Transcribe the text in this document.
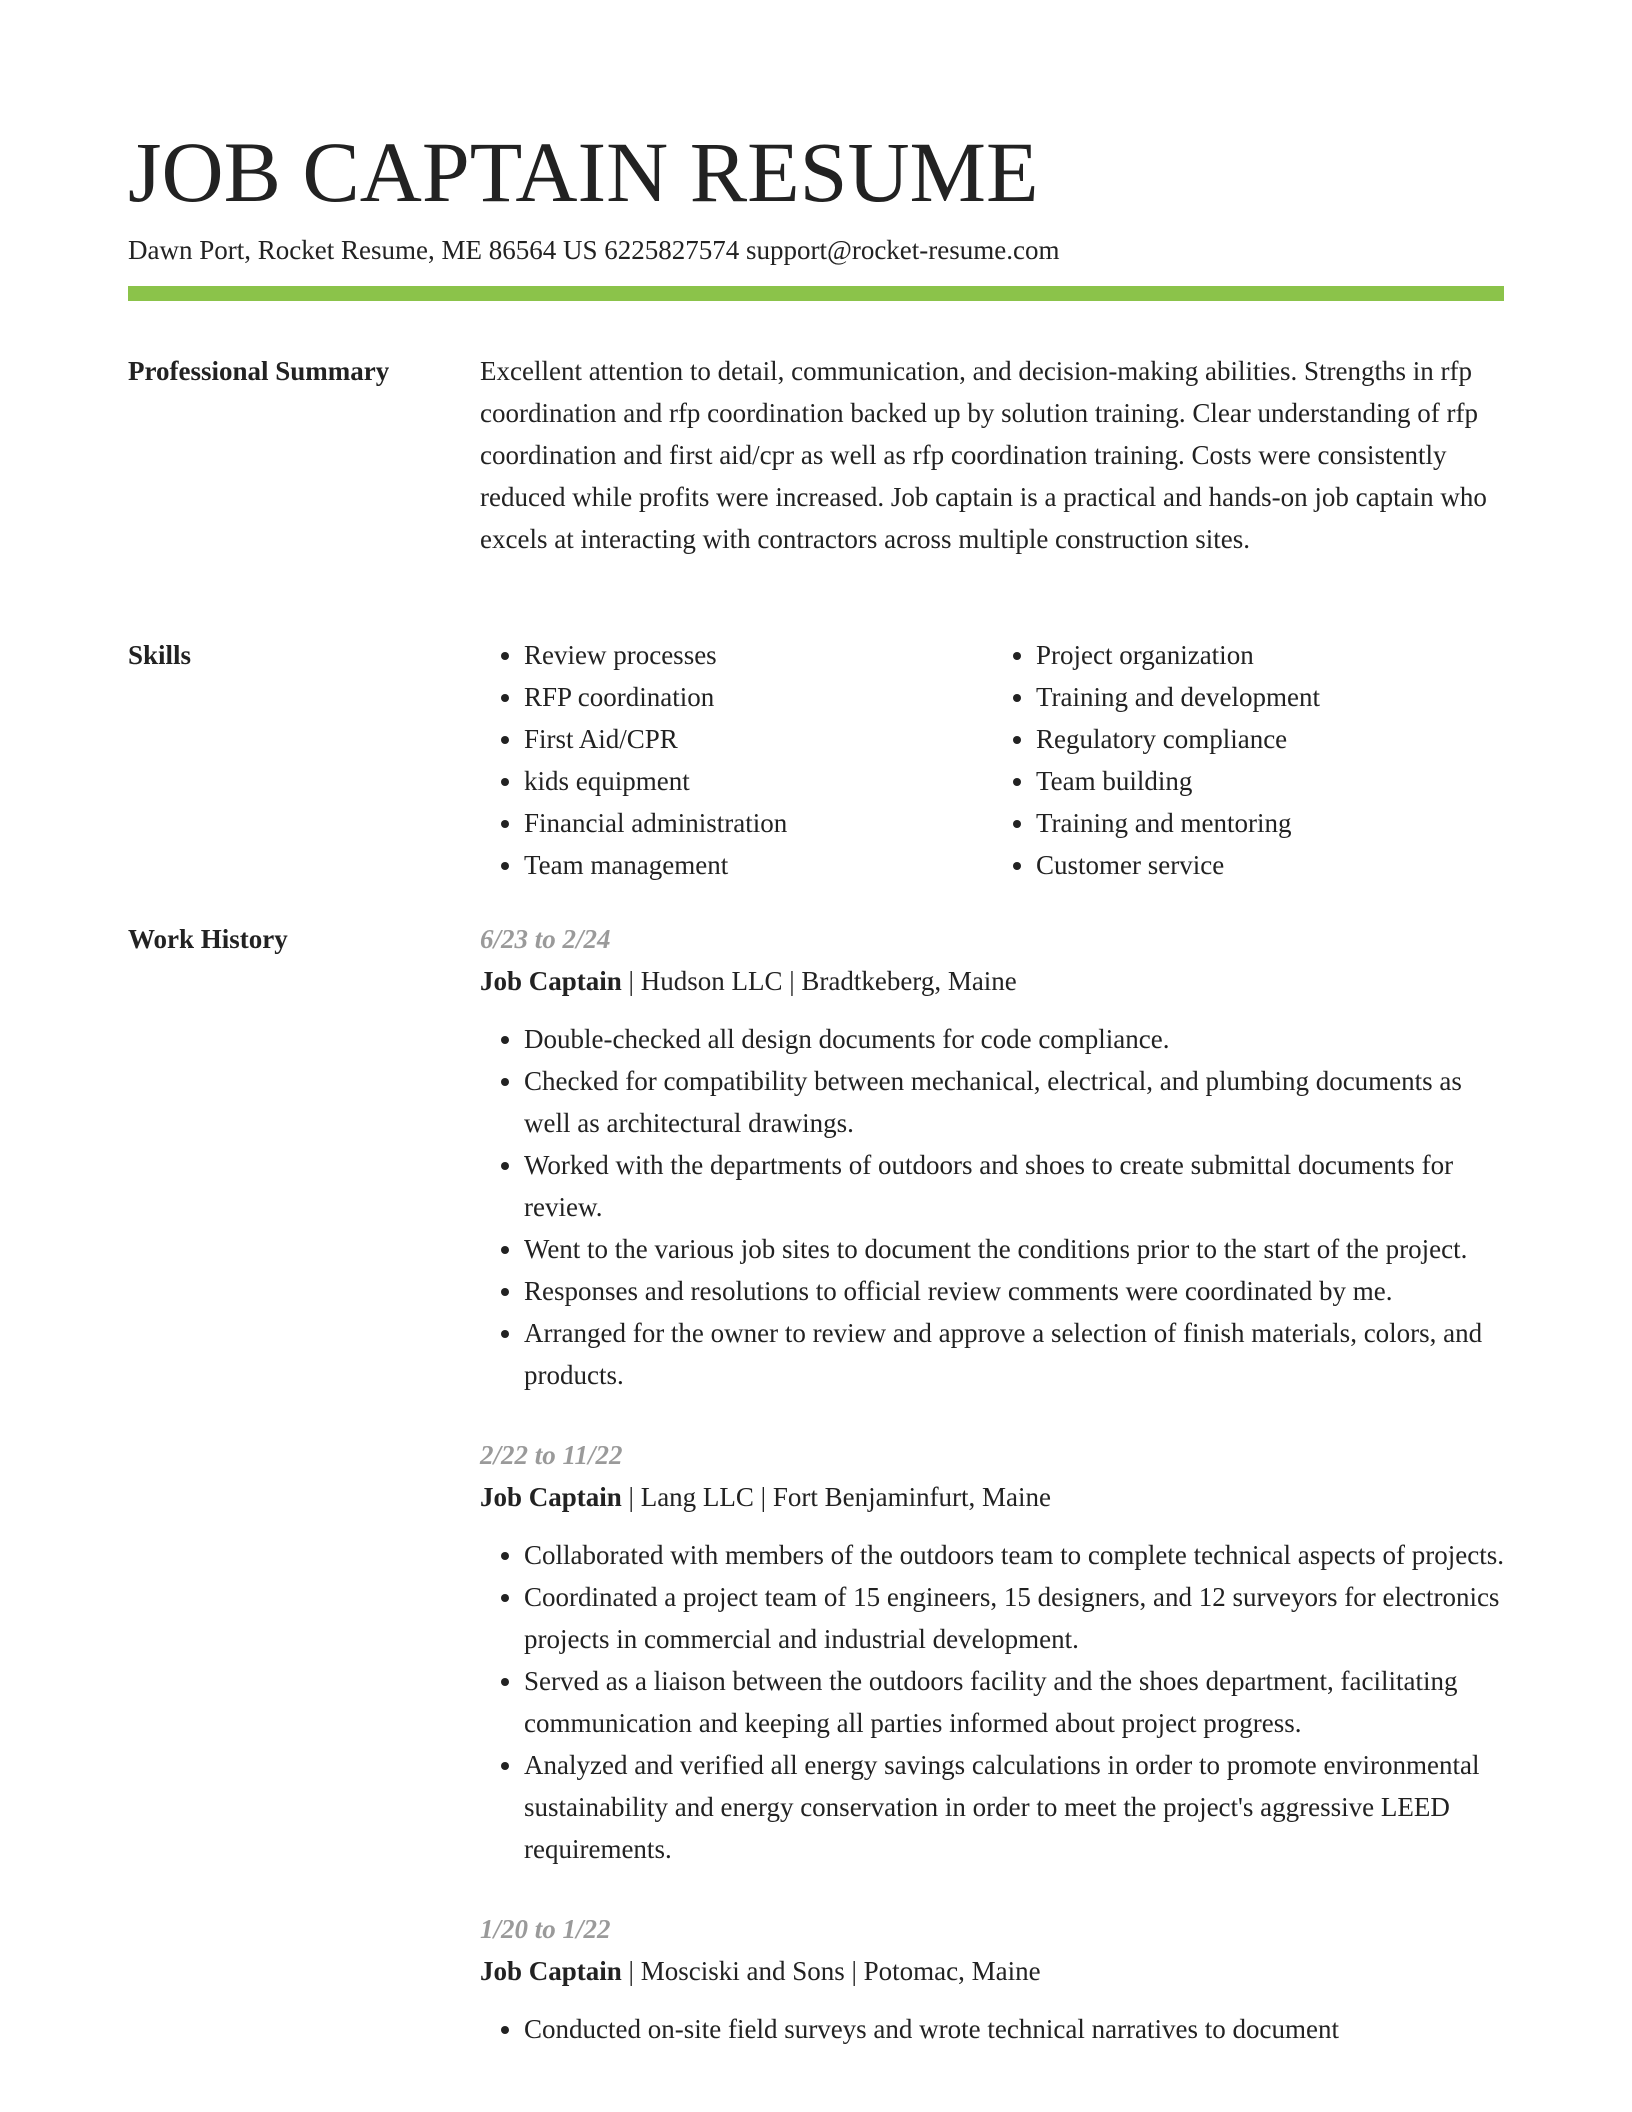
JOB CAPTAIN RESUME
Dawn Port, Rocket Resume, ME 86564 US 6225827574 support@rocket-resume.com
Professional Summary	Excellent attention to detail, communication, and decision-making abilities. Strengths in rfp coordination and rfp coordination backed up by solution training. Clear understanding of rfp coordination and first aid/cpr as well as rfp coordination training. Costs were consistently reduced while profits were increased. Job captain is a practical and hands-on job captain who excels at interacting with contractors across multiple construction sites.

Skills
•	Review processes
• RFP coordination
• First Aid/CPR
• kids equipment
• Financial administration
• Team management
• Project organization
• Training and development
• Regulatory compliance
• Team building
• Training and mentoring
• Customer service
Work History	6/23 to 2/24
Job Captain | Hudson LLC | Bradtkeberg, Maine
• Double-checked all design documents for code compliance.
• Checked for compatibility between mechanical, electrical, and plumbing documents as well as architectural drawings.
• Worked with the departments of outdoors and shoes to create submittal documents for review.
• Went to the various job sites to document the conditions prior to the start of the project.
• Responses and resolutions to official review comments were coordinated by me.
• Arranged for the owner to review and approve a selection of finish materials, colors, and products.
2/22 to 11/22
Job Captain | Lang LLC | Fort Benjaminfurt, Maine
• Collaborated with members of the outdoors team to complete technical aspects of projects.
• Coordinated a project team of 15 engineers, 15 designers, and 12 surveyors for electronics projects in commercial and industrial development.
• Served as a liaison between the outdoors facility and the shoes department, facilitating communication and keeping all parties informed about project progress.
• Analyzed and verified all energy savings calculations in order to promote environmental sustainability and energy conservation in order to meet the project's aggressive LEED requirements.
1/20 to 1/22
Job Captain | Mosciski and Sons | Potomac, Maine
• Conducted on-site field surveys and wrote technical narratives to document
